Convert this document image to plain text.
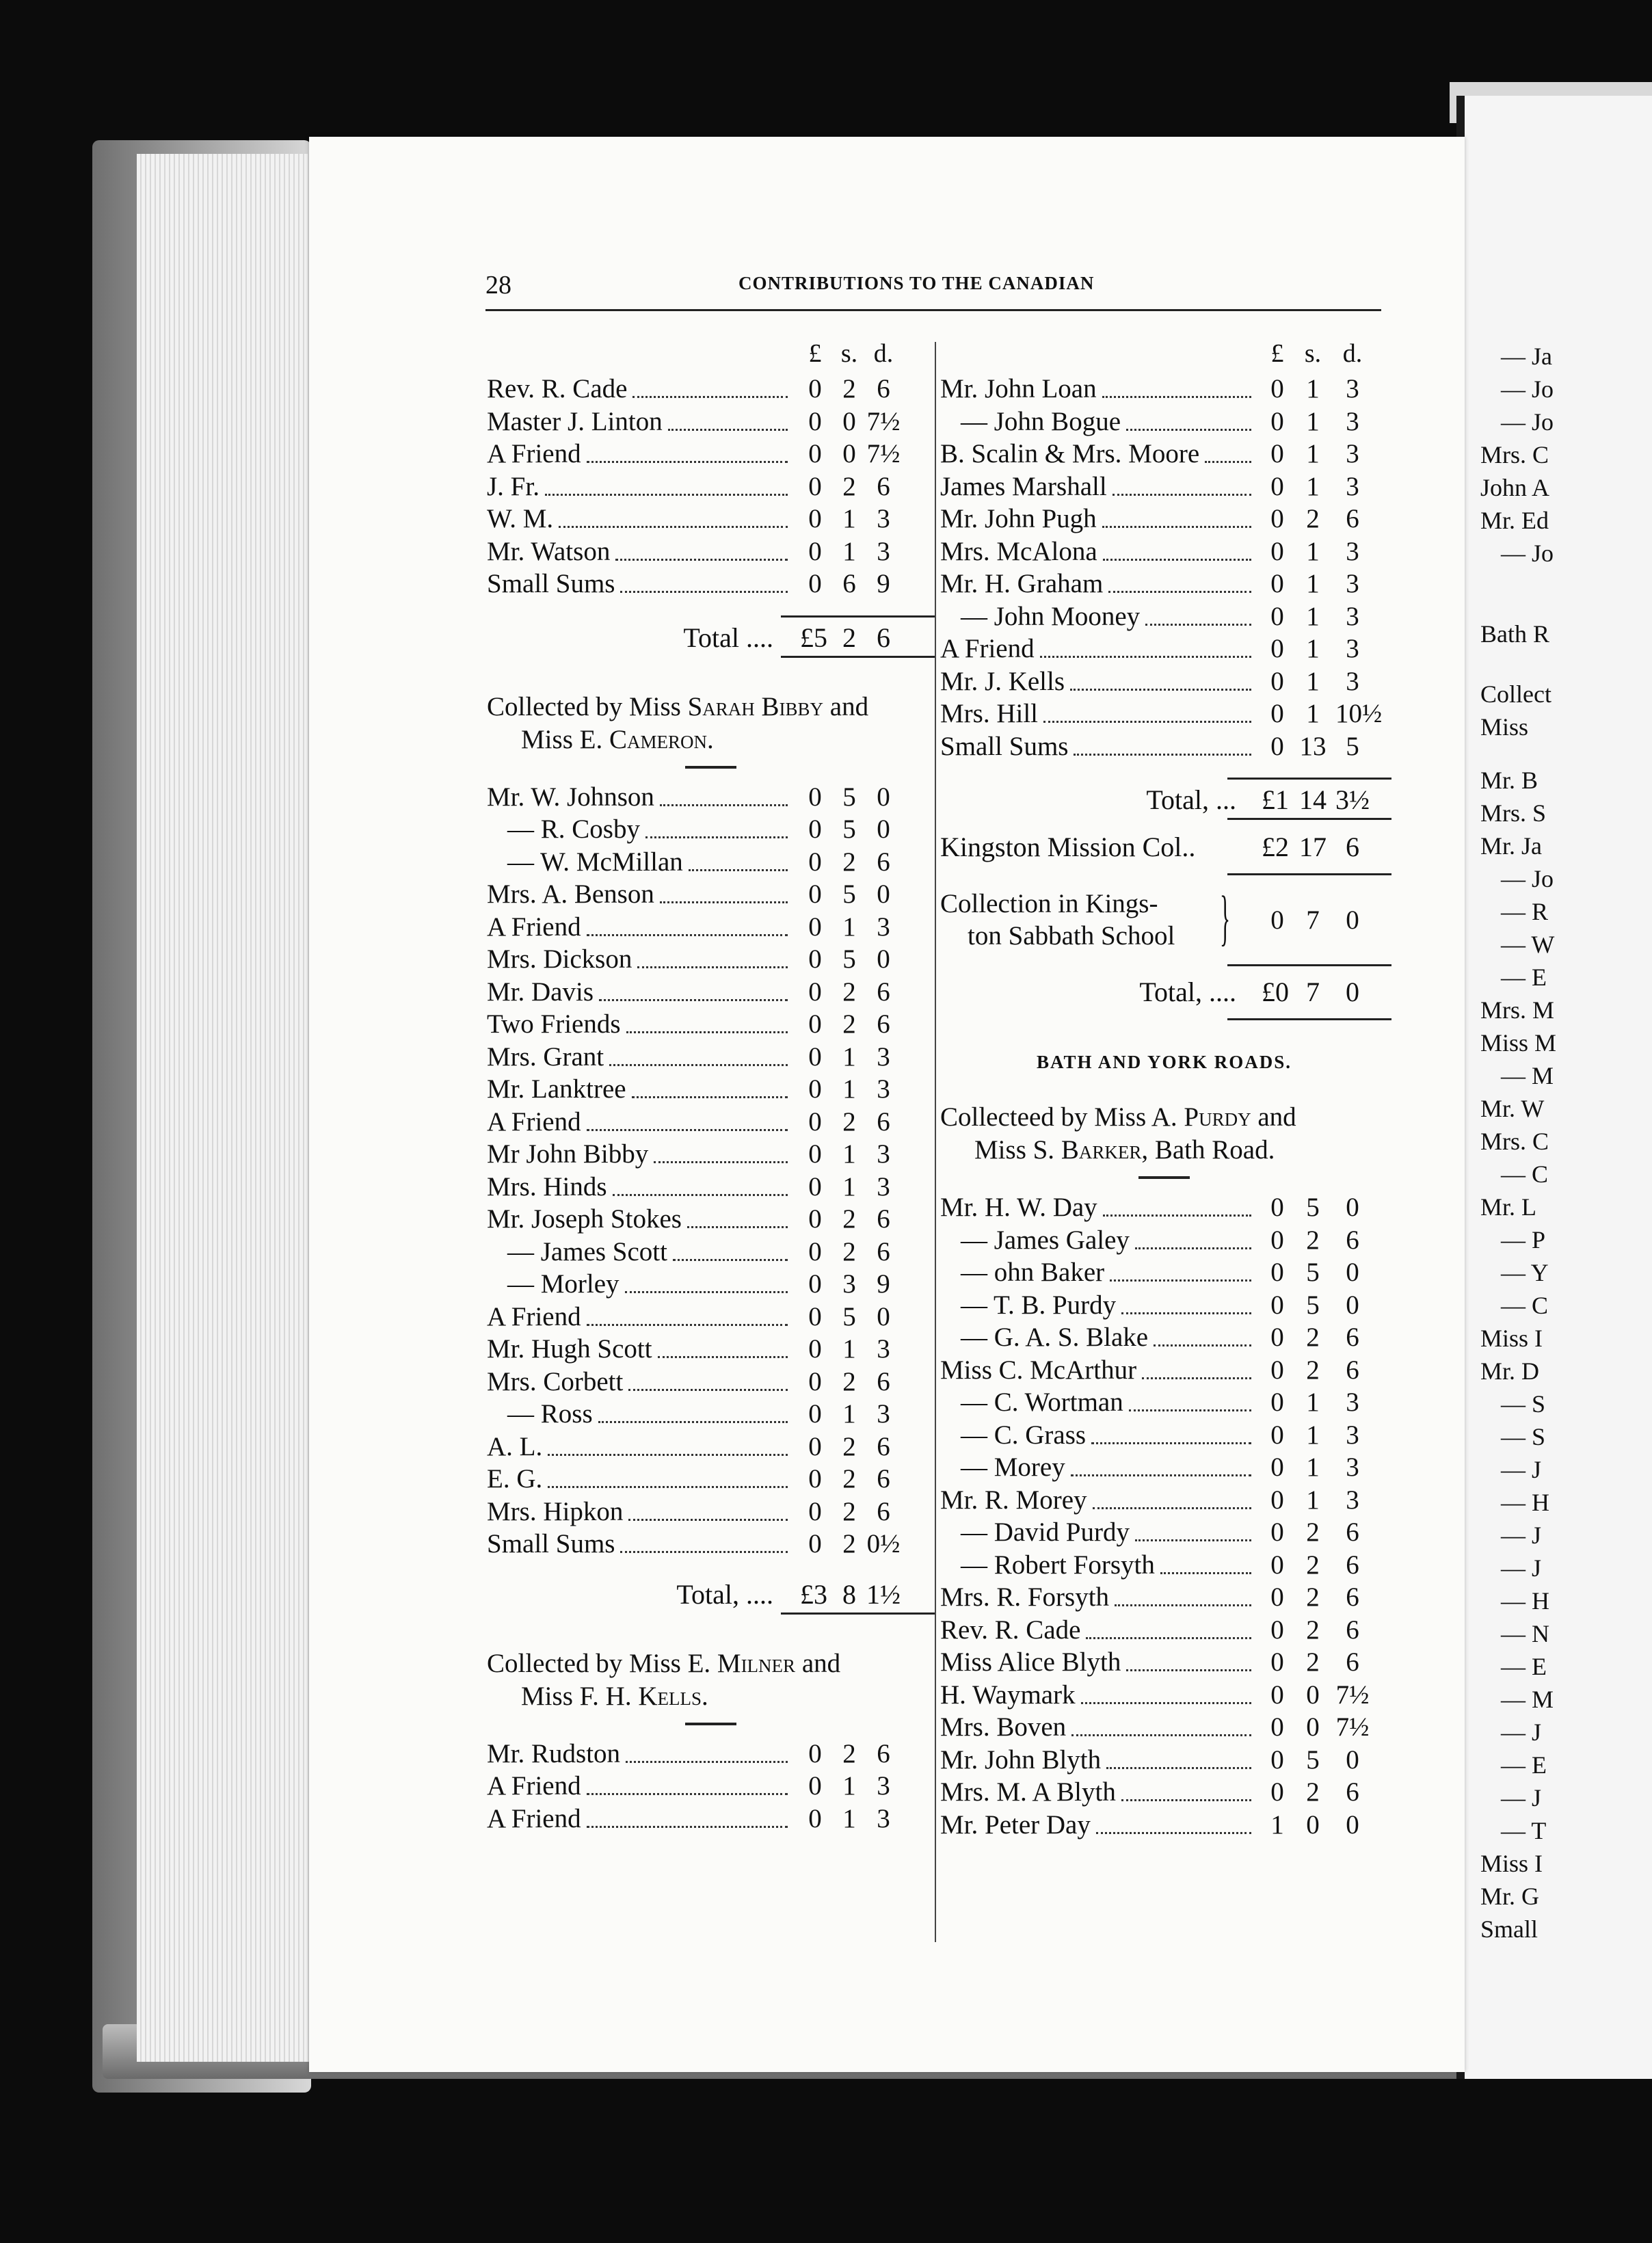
28	CONTRIBUTIONS TO THE CANADIAN
£ s. d.
Rev. R. Cade	0 2 6
Master J. Linton	0 0 7½
A Friend	0 0 7½
J. Fr.	0 2 6
W. M.	0 1 3
Mr. Watson	0 1 3
Small Sums	0 6 9
Total .... £5 2 6
Collected by Miss Sarah Bibby and
Miss E. Cameron.
Mr. W. Johnson	0 5 0
— R. Cosby	0 5 0
— W. McMillan	0 2 6
Mrs. A. Benson	0 5 0
A Friend	0 1 3
Mrs. Dickson	0 5 0
Mr. Davis	0 2 6
Two Friends	0 2 6
Mrs. Grant	0 1 3
Mr. Lanktree	0 1 3
A Friend	0 2 6
Mr John Bibby	0 1 3
Mrs. Hinds	0 1 3
Mr. Joseph Stokes	0 2 6
— James Scott	0 2 6
— Morley	0 3 9
A Friend	0 5 0
Mr. Hugh Scott	0 1 3
Mrs. Corbett	0 2 6
— Ross	0 1 3
A. L.	0 2 6
E. G.	0 2 6
Mrs. Hipkon	0 2 6
Small Sums	0 2 0½
Total, .... £3 8 1½
Collected by Miss E. Milner and
Miss F. H. Kells.
Mr. Rudston	0 2 6
A Friend	0 1 3
A Friend	0 1 3
£ s. d.
Mr. John Loan	0 1 3
— John Bogue	0 1 3
B. Scalin & Mrs. Moore	0 1 3
James Marshall	0 1 3
Mr. John Pugh	0 2 6
Mrs. McAlona	0 1 3
Mr. H. Graham	0 1 3
— John Mooney	0 1 3
A Friend	0 1 3
Mr. J. Kells	0 1 3
Mrs. Hill	0 1 10½
Small Sums	0 13 5
Total, ... £1 14 3½
Kingston Mission Col..	£2 17 6
Collection in Kings-
ton Sabbath School }	0 7 0
Total, .... £0 7 0
BATH AND YORK ROADS.
Collecteed by Miss A. Purdy and
Miss S. Barker, Bath Road.
Mr. H. W. Day	0 5 0
— James Galey	0 2 6
— ohn Baker	0 5 0
— T. B. Purdy	0 5 0
— G. A. S. Blake	0 2 6
Miss C. McArthur	0 2 6
— C. Wortman	0 1 3
— C. Grass	0 1 3
— Morey	0 1 3
Mr. R. Morey	0 1 3
— David Purdy	0 2 6
— Robert Forsyth	0 2 6
Mrs. R. Forsyth	0 2 6
Rev. R. Cade	0 2 6
Miss Alice Blyth	0 2 6
H. Waymark	0 0 7½
Mrs. Boven	0 0 7½
Mr. John Blyth	0 5 0
Mrs. M. A Blyth	0 2 6
Mr. Peter Day	1 0 0
— Ja
— Jo
— Jo
Mrs. C
John A
Mr. Ed
— Jo
Bath R
Collect
Miss
Mr. B
Mrs. S
Mr. Ja
— Jo
— R
— W
— E
Mrs. M
Miss M
— M
Mr. W
Mrs. C
— C
Mr. L
— P
— Y
— C
Miss I
Mr. D
— S
— S
— J
— H
— J
— J
— H
— N
— E
— M
— J
— E
— J
— T
Miss I
Mr. G
Small
